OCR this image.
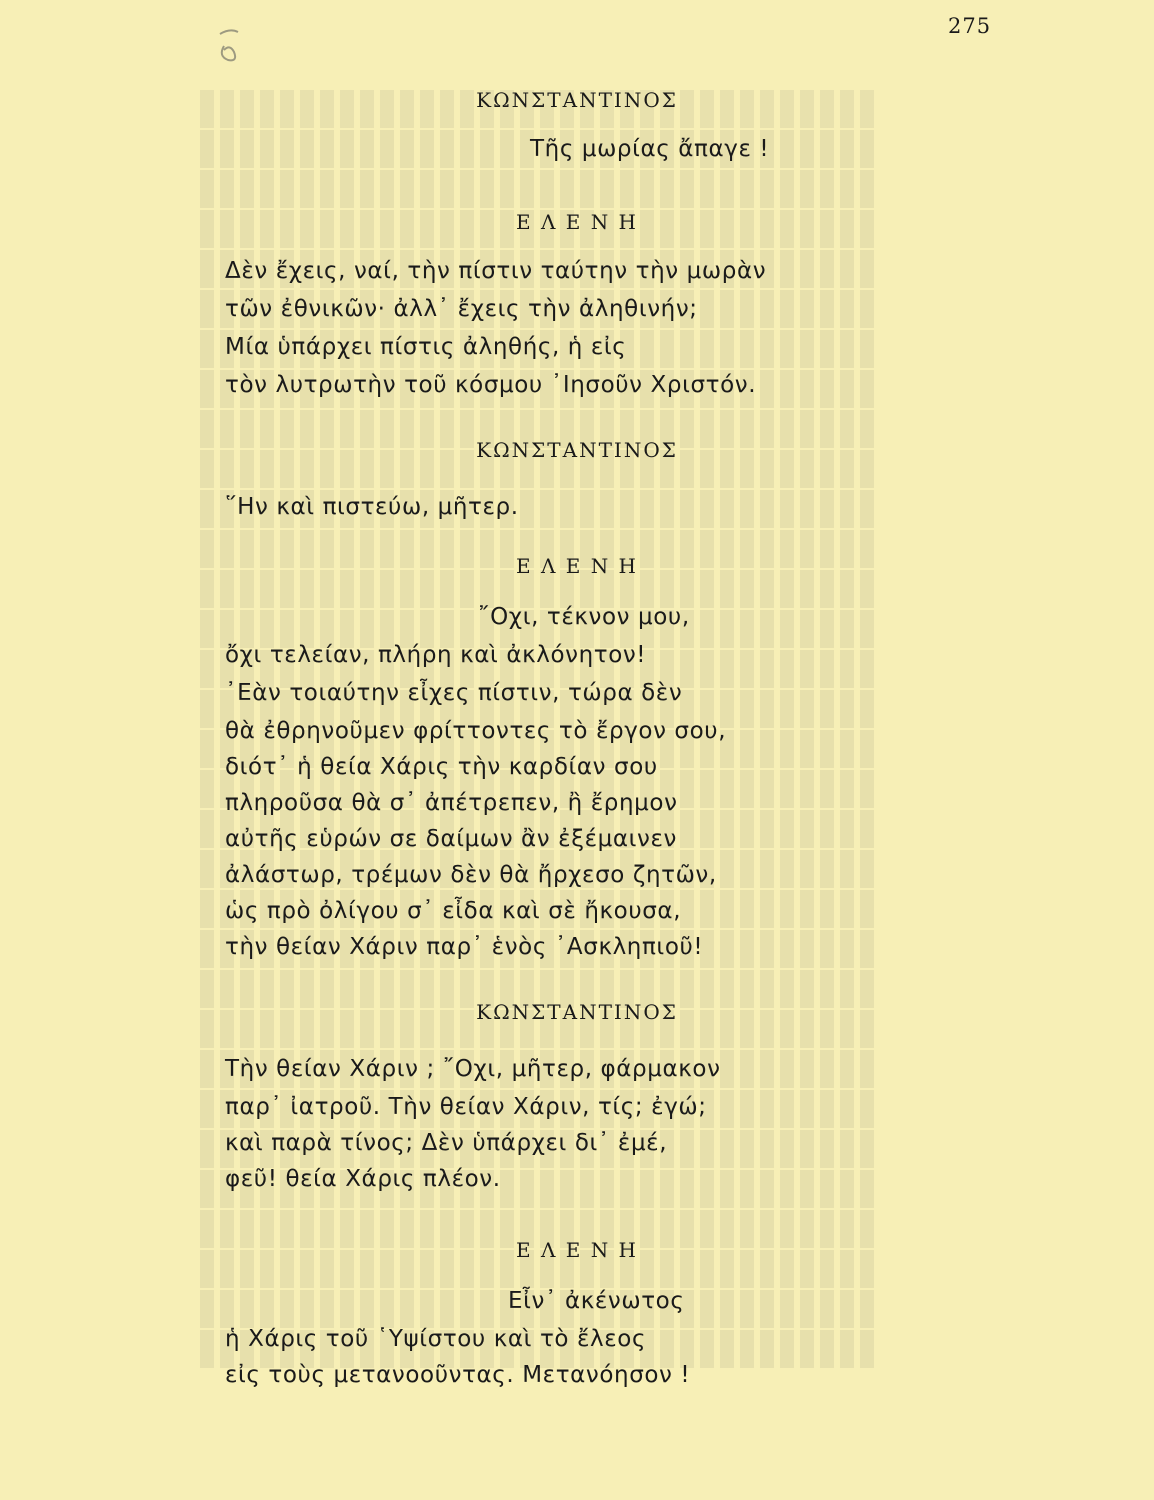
275
ΚΩΝΣΤΑΝΤΙΝΟΣ
Τῆς μωρίας ἄπαγε !
Ε Λ Ε Ν Η
Δὲν ἔχεις, ναί, τὴν πίστιν ταύτην τὴν μωρὰν
τῶν ἐθνικῶν· ἀλλ᾽ ἔχεις τὴν ἀληθινήν;
Μία ὑπάρχει πίστις ἀληθής, ἡ εἰς
τὸν λυτρωτὴν τοῦ κόσμου ᾿Ιησοῦν Χριστόν.
ΚΩΝΣΤΑΝΤΙΝΟΣ
῞Ην καὶ πιστεύω, μῆτερ.
Ε Λ Ε Ν Η
῎Οχι, τέκνον μου,
ὄχι τελείαν, πλήρη καὶ ἀκλόνητον!
᾿Εὰν τοιαύτην εἶχες πίστιν, τώρα δὲν
θὰ ἐθρηνοῦμεν φρίττοντες τὸ ἔργον σου,
διότ᾽ ἡ θεία Χάρις τὴν καρδίαν σου
πληροῦσα θὰ σ᾽ ἀπέτρεπεν, ἢ ἔρημον
αὐτῆς εὑρών σε δαίμων ἂν ἐξέμαινεν
ἀλάστωρ, τρέμων δὲν θὰ ἤρχεσο ζητῶν,
ὡς πρὸ ὀλίγου σ᾽ εἶδα καὶ σὲ ἤκουσα,
τὴν θείαν Χάριν παρ᾽ ἑνὸς ᾿Ασκληπιοῦ!
ΚΩΝΣΤΑΝΤΙΝΟΣ
Τὴν θείαν Χάριν ; ῎Οχι, μῆτερ, φάρμακον
παρ᾽ ἰατροῦ. Τὴν θείαν Χάριν, τίς; ἐγώ;
καὶ παρὰ τίνος; Δὲν ὑπάρχει δι᾽ ἐμέ,
φεῦ! θεία Χάρις πλέον.
Ε Λ Ε Ν Η
Εἶν᾽ ἀκένωτος
ἡ Χάρις τοῦ ῾Υψίστου καὶ τὸ ἔλεος
εἰς τοὺς μετανοοῦντας. Μετανόησον !
